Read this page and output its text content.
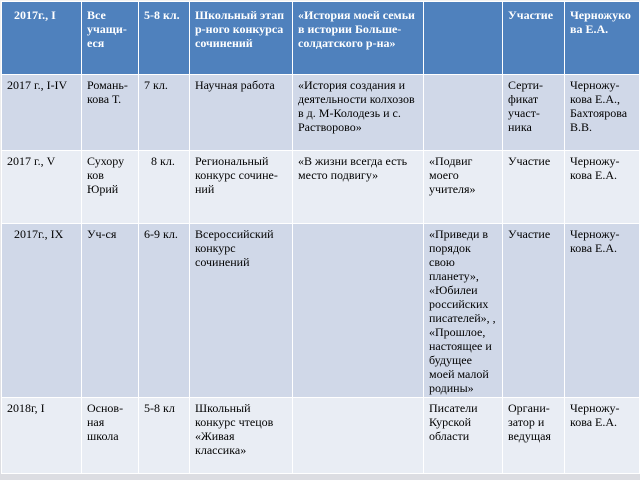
2017г., I	Все учащи-еся	5-8 кл.	Школьный этап р-ного конкурса сочинений	«История моей семьи в истории Больше-солдатского р-на»		Участие	Черножукова Е.А.
2017 г., I-IV	Романь-кова Т.	7 кл.	Научная работа	«История создания и деятельности колхозов в д. М-Колодезь и с. Растворово»		Серти-фикат участ-ника	Черножу-кова Е.А., Бахтоярова В.В.
2017 г., V	Сухору ков Юрий	8 кл.	Региональный конкурс сочине-ний	«В жизни всегда есть место подвигу»	«Подвиг моего учителя»	Участие	Черножу-кова Е.А.
2017г., IX	Уч-ся	6-9 кл.	Всероссийский конкурс сочинений		«Приведи в порядок свою планету», «Юбилеи российских писателей», , «Прошлое, настоящее и будущее моей малой родины»	Участие	Черножу-кова Е.А.
2018г, I	Основ-ная школа	5-8 кл	Школьный конкурс чтецов «Живая классика»		Писатели Курской области	Органи-затор и ведущая	Черножу-кова Е.А.
